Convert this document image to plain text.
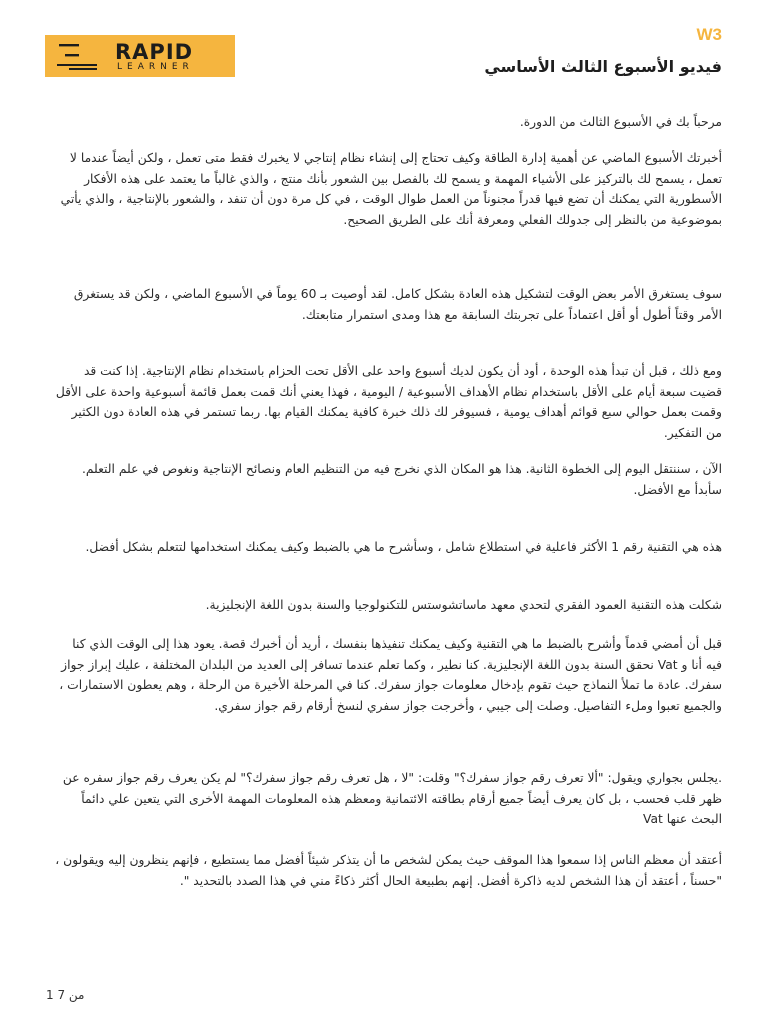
RAPID
LEARNER
W3
فيديو الأسبوع الثالث الأساسي

مرحباً بك في الأسبوع الثالث من الدورة.

أخبرتك الأسبوع الماضي عن أهمية إدارة الطاقة وكيف تحتاج إلى إنشاء نظام إنتاجي لا يخبرك فقط متى تعمل ، ولكن أيضاً عندما لا تعمل ، يسمح لك بالتركيز على الأشياء المهمة و يسمح لك بالفصل بين الشعور بأنك منتج ، والذي غالباً ما يعتمد على هذه الأفكار الأسطورية التي يمكنك أن تضع فيها قدراً مجنوناً من العمل طوال الوقت ، في كل مرة دون أن تنفد ، والشعور بالإنتاجية ، والذي يأتي بموضوعية من بالنظر إلى جدولك الفعلي ومعرفة أنك على الطريق الصحيح.

سوف يستغرق الأمر بعض الوقت لتشكيل هذه العادة بشكل كامل. لقد أوصيت بـ 60 يوماً في الأسبوع الماضي ، ولكن قد يستغرق الأمر وقتاً أطول أو أقل اعتماداً على تجربتك السابقة مع هذا ومدى استمرار متابعتك.

ومع ذلك ، قبل أن تبدأ هذه الوحدة ، أود أن يكون لديك أسبوع واحد على الأقل تحت الحزام باستخدام نظام الإنتاجية. إذا كنت قد قضيت سبعة أيام على الأقل باستخدام نظام الأهداف الأسبوعية / اليومية ، فهذا يعني أنك قمت بعمل قائمة أسبوعية واحدة على الأقل وقمت بعمل حوالي سبع قوائم أهداف يومية ، فسيوفر لك ذلك خبرة كافية يمكنك القيام بها. ربما تستمر في هذه العادة دون الكثير من التفكير.

الآن ، سننتقل اليوم إلى الخطوة الثانية. هذا هو المكان الذي نخرج فيه من التنظيم العام ونصائح الإنتاجية ونغوص في علم التعلم. سأبدأ مع الأفضل.

هذه هي التقنية رقم 1 الأكثر فاعلية في استطلاع شامل ، وسأشرح ما هي بالضبط وكيف يمكنك استخدامها لتتعلم بشكل أفضل.

شكلت هذه التقنية العمود الفقري لتحدي معهد ماساتشوستس للتكنولوجيا والسنة بدون اللغة الإنجليزية.

قبل أن أمضي قدماً وأشرح بالضبط ما هي التقنية وكيف يمكنك تنفيذها بنفسك ، أريد أن أخبرك قصة. يعود هذا إلى الوقت الذي كنا فيه أنا و Vat نحقق السنة بدون اللغة الإنجليزية. كنا نطير ، وكما تعلم عندما تسافر إلى العديد من البلدان المختلفة ، عليك إبراز جواز سفرك. عادة ما تملأ النماذج حيث تقوم بإدخال معلومات جواز سفرك. كنا في المرحلة الأخيرة من الرحلة ، وهم يعطون الاستمارات ، والجميع تعبوا وملء التفاصيل. وصلت إلى جيبي ، وأخرجت جواز سفري لنسخ أرقام رقم جواز سفري.

.يجلس بجواري ويقول: "ألا تعرف رقم جواز سفرك؟" وقلت: "لا ، هل تعرف رقم جواز سفرك؟" لم يكن يعرف رقم جواز سفره عن ظهر قلب فحسب ، بل كان يعرف أيضاً جميع أرقام بطاقته الائتمانية ومعظم هذه المعلومات المهمة الأخرى التي يتعين علي دائماً البحث عنها Vat

أعتقد أن معظم الناس إذا سمعوا هذا الموقف حيث يمكن لشخص ما أن يتذكر شيئاً أفضل مما يستطيع ، فإنهم ينظرون إليه ويقولون ، "حسناً ، أعتقد أن هذا الشخص لديه ذاكرة أفضل. إنهم بطبيعة الحال أكثر ذكاءً مني في هذا الصدد بالتحديد ".

1 من 7
